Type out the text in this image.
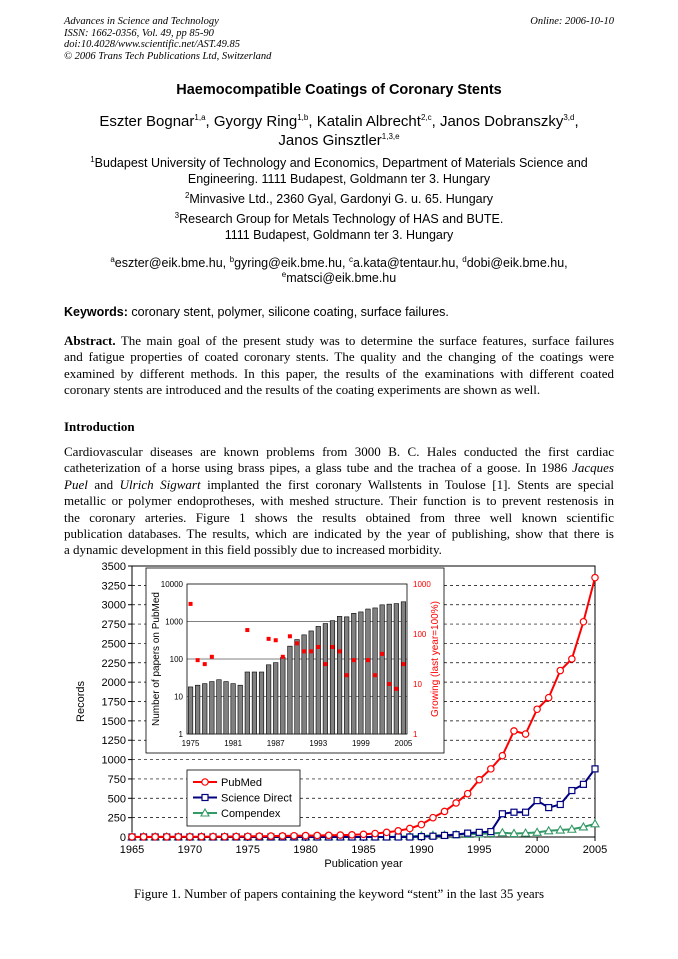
Advances in Science and Technology
ISSN: 1662-0356, Vol. 49, pp 85-90
doi:10.4028/www.scientific.net/AST.49.85
© 2006 Trans Tech Publications Ltd, Switzerland
Online: 2006-10-10
Haemocompatible Coatings of Coronary Stents
Eszter Bognar$^{1,a}$, Gyorgy Ring$^{1,b}$, Katalin Albrecht$^{2,c}$, Janos Dobranszky$^{3,d}$,
Janos Ginsztler$^{1,3,e}$
$^1$Budapest University of Technology and Economics, Department of Materials Science and
Engineering. 1111 Budapest, Goldmann ter 3. Hungary
$^2$Minvasive Ltd., 2360 Gyal, Gardonyi G. u. 65. Hungary
$^3$Research Group for Metals Technology of HAS and BUTE.
1111 Budapest, Goldmann ter 3. Hungary
$^a$eszter@eik.bme.hu, $^b$gyring@eik.bme.hu, $^c$a.kata@tentaur.hu, $^d$dobi@eik.bme.hu,
$^e$matsci@eik.bme.hu
Keywords: coronary stent, polymer, silicone coating, surface failures.
Abstract. The main goal of the present study was to determine the surface features, surface failures
and fatigue properties of coated coronary stents. The quality and the changing of the coatings were
examined by different methods. In this paper, the results of the examinations with different coated
coronary stents are introduced and the results of the coating experiments are shown as well.
Introduction
Cardiovascular diseases are known problems from 3000 B. C. Hales conducted the first cardiac
catheterization of a horse using brass pipes, a glass tube and the trachea of a goose. In 1986 Jacques
Puel and Ulrich Sigwart implanted the first coronary Wallstents in Toulose [1]. Stents are special
metallic or polymer endoprotheses, with meshed structure. Their function is to prevent restenosis in
the coronary arteries. Figure 1 shows the results obtained from three well known scientific
publication databases. The results, which are indicated by the year of publishing, show that there is
a dynamic development in this field possibly due to increased morbidity.
0
250
500
750
1000
1250
1500
1750
2000
2250
2500
2750
3000
3250
3500
1965	1970	1975	1980	1985	1990	1995	2000	2005
Publication year
Records
PubMed
Science Direct
Compendex
1
10
100
1000
10000
1
10
100
1000
1975	1981	1987	1993	1999	2005
Number of papers on PubMed	Growing (last year=100%)
Figure 1. Number of papers containing the keyword “stent” in the last 35 years
